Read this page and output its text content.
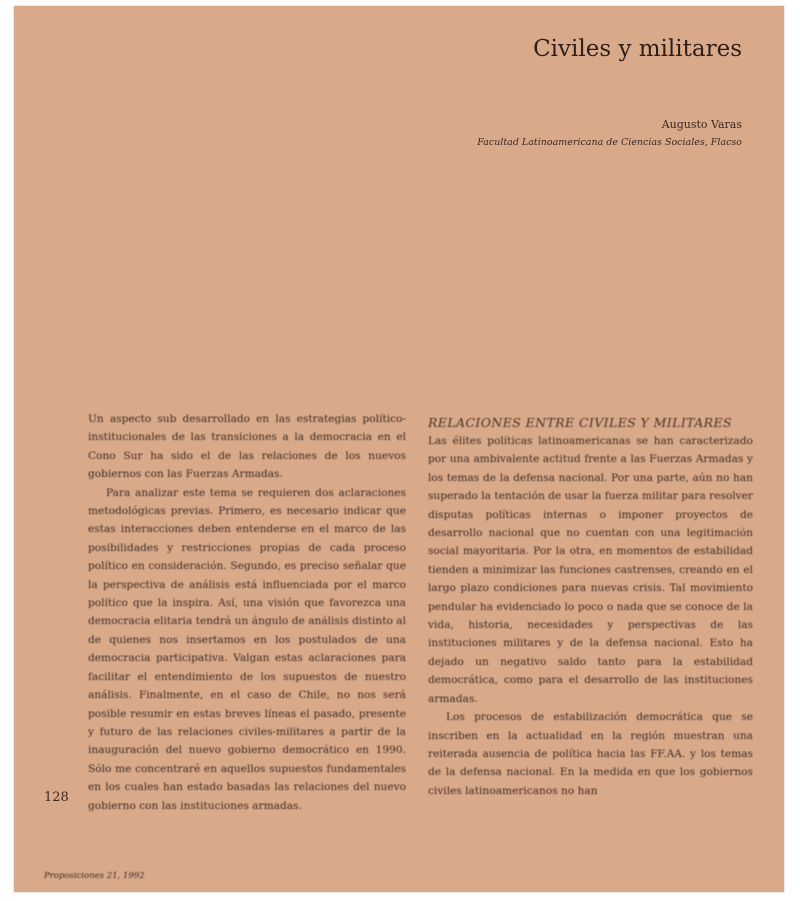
Civiles y militares
Augusto Varas
Facultad Latinoamericana de Ciencias Sociales, Flacso

Un aspecto sub desarrollado en las estrategias político-institucionales de las transiciones a la democracia en el Cono Sur ha sido el de las relaciones de los nuevos gobiernos con las Fuerzas Armadas.

Para analizar este tema se requieren dos aclaraciones metodológicas previas. Primero, es necesario indicar que estas interacciones deben entenderse en el marco de las posibilidades y restricciones propias de cada proceso político en consideración. Segundo, es preciso señalar que la perspectiva de análisis está influenciada por el marco político que la inspira. Así, una visión que favorezca una democracia elitaria tendrá un ángulo de análisis distinto al de quienes nos insertamos en los postulados de una democracia participativa. Valgan estas aclaraciones para facilitar el entendimiento de los supuestos de nuestro análisis. Finalmente, en el caso de Chile, no nos será posible resumir en estas breves líneas el pasado, presente y futuro de las relaciones civiles-militares a partir de la inauguración del nuevo gobierno democrático en 1990. Sólo me concentraré en aquellos supuestos fundamentales en los cuales han estado basadas las relaciones del nuevo gobierno con las instituciones armadas.

RELACIONES ENTRE CIVILES Y MILITARES

Las élites políticas latinoamericanas se han caracterizado por una ambivalente actitud frente a las Fuerzas Armadas y los temas de la defensa nacional. Por una parte, aún no han superado la tentación de usar la fuerza militar para resolver disputas políticas internas o imponer proyectos de desarrollo nacional que no cuentan con una legitimación social mayoritaria. Por la otra, en momentos de estabilidad tienden a minimizar las funciones castrenses, creando en el largo plazo condiciones para nuevas crisis. Tal movimiento pendular ha evidenciado lo poco o nada que se conoce de la vida, historia, necesidades y perspectivas de las instituciones militares y de la defensa nacional. Esto ha dejado un negativo saldo tanto para la estabilidad democrática, como para el desarrollo de las instituciones armadas.

Los procesos de estabilización democrática que se inscriben en la actualidad en la región muestran una reiterada ausencia de política hacia las FF.AA. y los temas de la defensa nacional. En la medida en que los gobiernos civiles latinoamericanos no han

128
Proposiciones 21, 1992
